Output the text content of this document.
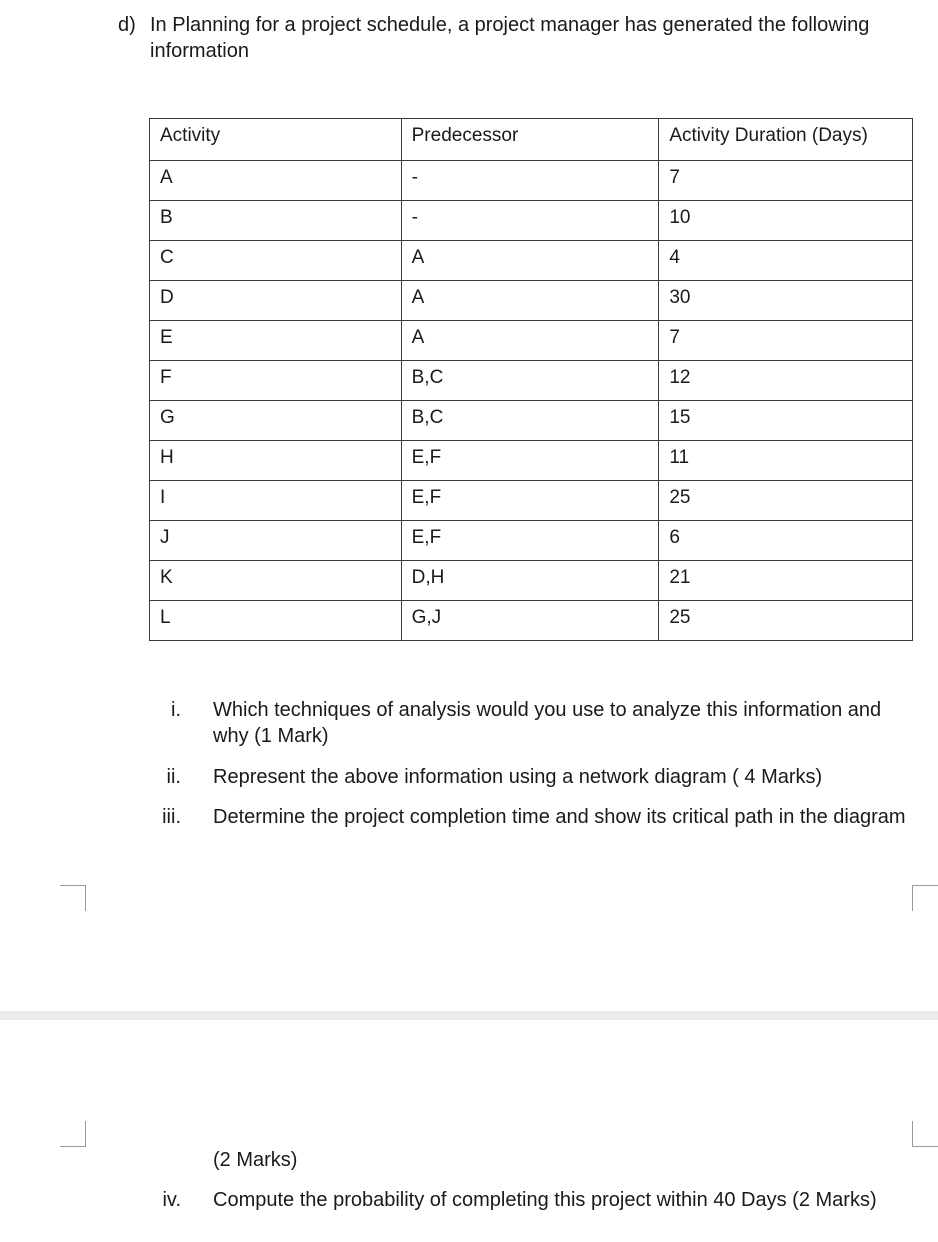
d) In Planning for a project schedule, a project manager has generated the following information
Activity	Predecessor	Activity Duration (Days)
A	-	7
B	-	10
C	A	4
D	A	30
E	A	7
F	B,C	12
G	B,C	15
H	E,F	11
I	E,F	25
J	E,F	6
K	D,H	21
L	G,J	25
i. Which techniques of analysis would you use to analyze this information and why (1 Mark)
ii. Represent the above information using a network diagram ( 4 Marks)
iii. Determine the project completion time and show its critical path in the diagram
(2 Marks)
iv. Compute the probability of completing this project within 40 Days (2 Marks)
